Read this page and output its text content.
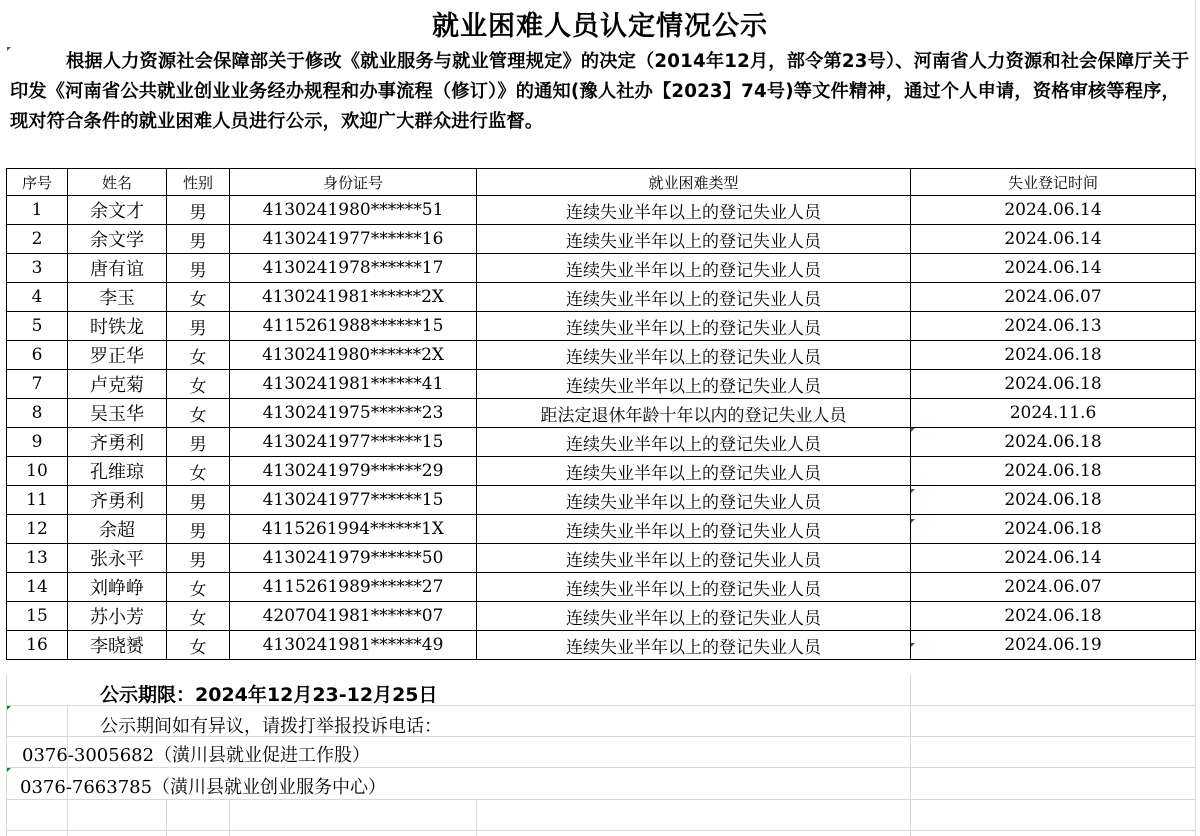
就业困难人员认定情况公示
根据人力资源社会保障部关于修改《就业服务与就业管理规定》的决定（2014年12月，部令第23号）、河南省人力资源和社会保障厅关于印发《河南省公共就业创业业务经办规程和办事流程（修订）》的通知(豫人社办【2023】74号)等文件精神，通过个人申请，资格审核等程序，现对符合条件的就业困难人员进行公示，欢迎广大群众进行监督。
序号	姓名	性别	身份证号	就业困难类型	失业登记时间
1	余文才	男	4130241980******51	连续失业半年以上的登记失业人员	2024.06.14
2	余文学	男	4130241977******16	连续失业半年以上的登记失业人员	2024.06.14
3	唐有谊	男	4130241978******17	连续失业半年以上的登记失业人员	2024.06.14
4	李玉	女	4130241981******2X	连续失业半年以上的登记失业人员	2024.06.07
5	时铁龙	男	4115261988******15	连续失业半年以上的登记失业人员	2024.06.13
6	罗正华	女	4130241980******2X	连续失业半年以上的登记失业人员	2024.06.18
7	卢克菊	女	4130241981******41	连续失业半年以上的登记失业人员	2024.06.18
8	吴玉华	女	4130241975******23	距法定退休年龄十年以内的登记失业人员	2024.11.6
9	齐勇利	男	4130241977******15	连续失业半年以上的登记失业人员	2024.06.18
10	孔维琼	女	4130241979******29	连续失业半年以上的登记失业人员	2024.06.18
11	齐勇利	男	4130241977******15	连续失业半年以上的登记失业人员	2024.06.18
12	余超	男	4115261994******1X	连续失业半年以上的登记失业人员	2024.06.18
13	张永平	男	4130241979******50	连续失业半年以上的登记失业人员	2024.06.14
14	刘峥峥	女	4115261989******27	连续失业半年以上的登记失业人员	2024.06.07
15	苏小芳	女	4207041981******07	连续失业半年以上的登记失业人员	2024.06.18
16	李晓赟	女	4130241981******49	连续失业半年以上的登记失业人员	2024.06.19
公示期限：2024年12月23-12月25日
公示期间如有异议，请拨打举报投诉电话：
0376-3005682（潢川县就业促进工作股）
0376-7663785（潢川县就业创业服务中心）
